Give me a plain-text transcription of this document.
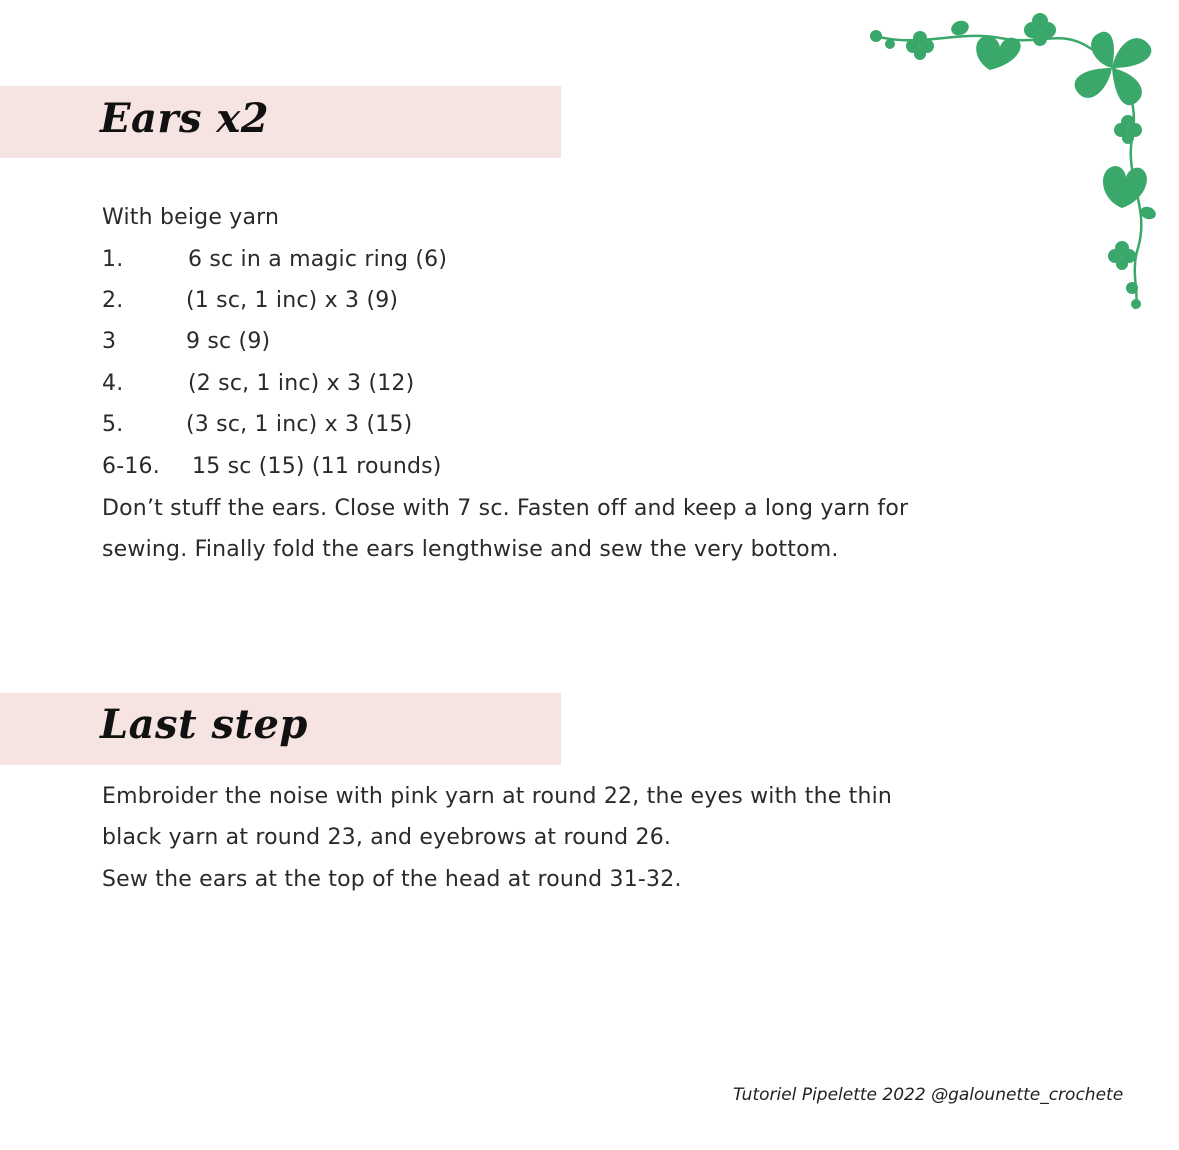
Ears x2
With beige yarn
1.	6 sc in a magic ring (6)
2.	(1 sc, 1 inc) x 3 (9)
3	9 sc (9)
4.	(2 sc, 1 inc) x 3 (12)
5.	(3 sc, 1 inc) x 3 (15)
6-16. 15 sc (15) (11 rounds)
Don’t stuff the ears. Close with 7 sc. Fasten off and keep a long yarn for
sewing. Finally fold the ears lengthwise and sew the very bottom.
Last step
Embroider the noise with pink yarn at round 22, the eyes with the thin
black yarn at round 23, and eyebrows at round 26.
Sew the ears at the top of the head at round 31-32.
Tutoriel Pipelette 2022 @galounette_crochete
